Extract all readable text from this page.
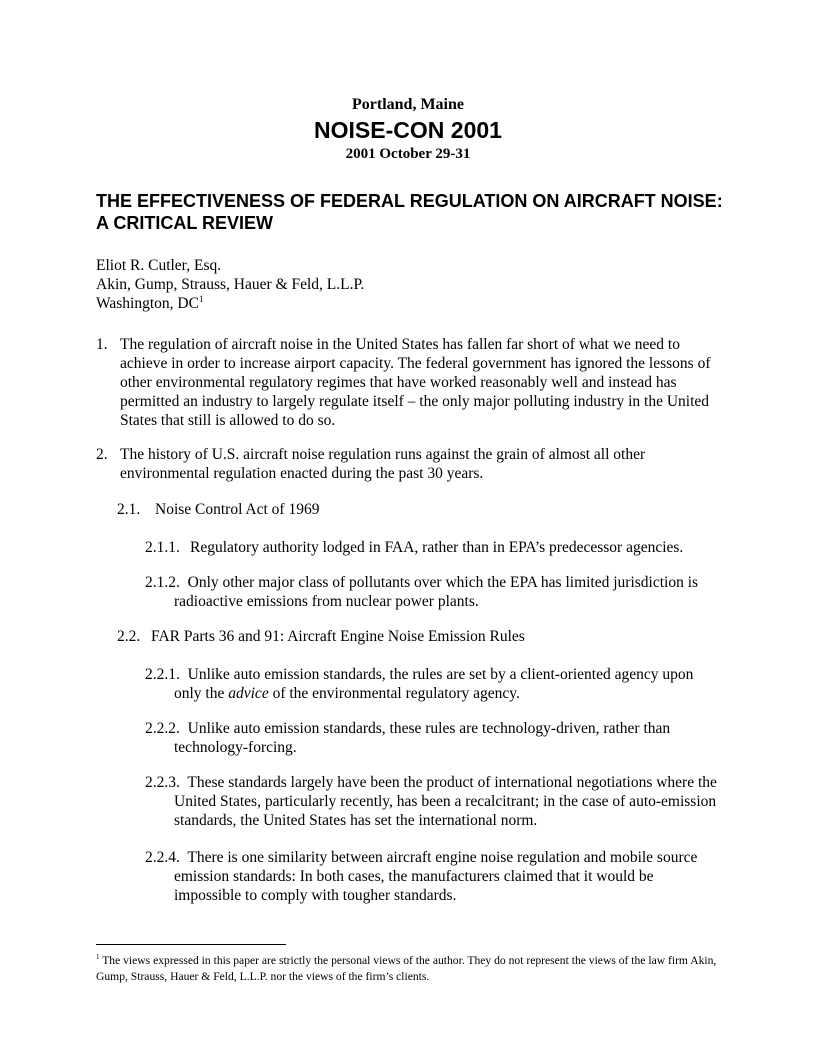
Portland, Maine
NOISE-CON 2001
2001 October 29-31
THE EFFECTIVENESS OF FEDERAL REGULATION ON AIRCRAFT NOISE: A CRITICAL REVIEW
Eliot R. Cutler, Esq.
Akin, Gump, Strauss, Hauer & Feld, L.L.P.
Washington, $DC^1$
1. The regulation of aircraft noise in the United States has fallen far short of what we need to achieve in order to increase airport capacity. The federal government has ignored the lessons of other environmental regulatory regimes that have worked reasonably well and instead has permitted an industry to largely regulate itself – the only major polluting industry in the United States that still is allowed to do so.
2. The history of U.S. aircraft noise regulation runs against the grain of almost all other environmental regulation enacted during the past 30 years.
2.1. Noise Control Act of 1969
2.1.1. Regulatory authority lodged in FAA, rather than in EPA’s predecessor agencies.
2.1.2. Only other major class of pollutants over which the EPA has limited jurisdiction is radioactive emissions from nuclear power plants.
2.2. FAR Parts 36 and 91: Aircraft Engine Noise Emission Rules
2.2.1. Unlike auto emission standards, the rules are set by a client-oriented agency upon only the advice of the environmental regulatory agency.
2.2.2. Unlike auto emission standards, these rules are technology-driven, rather than technology-forcing.
2.2.3. These standards largely have been the product of international negotiations where the United States, particularly recently, has been a recalcitrant; in the case of auto-emission standards, the United States has set the international norm.
2.2.4. There is one similarity between aircraft engine noise regulation and mobile source emission standards: In both cases, the manufacturers claimed that it would be impossible to comply with tougher standards.
$^1$ The views expressed in this paper are strictly the personal views of the author. They do not represent the views of the law firm Akin, Gump, Strauss, Hauer & Feld, L.L.P. nor the views of the firm’s clients.
